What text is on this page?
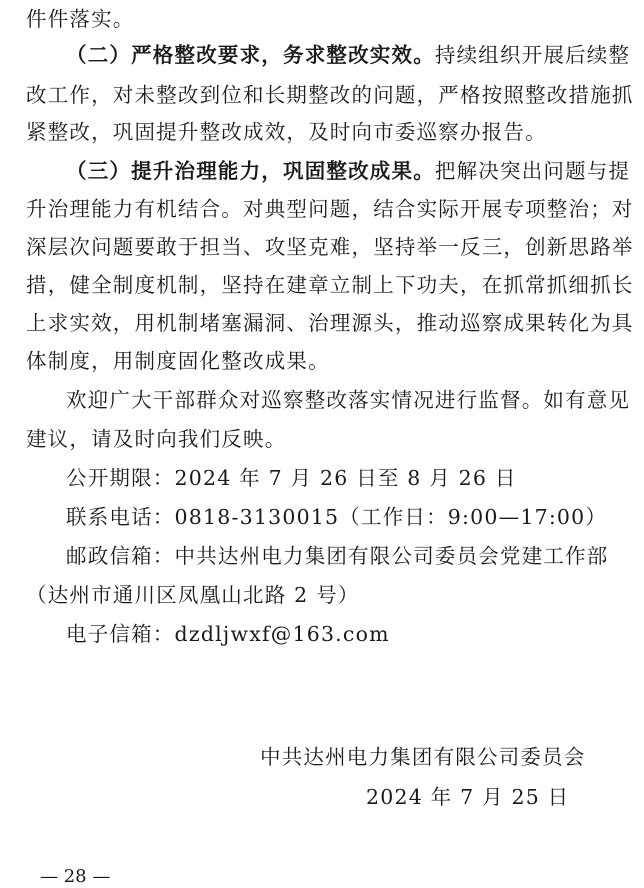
件件落实。
（二）严格整改要求，务求整改实效。持续组织开展后续整
改工作，对未整改到位和长期整改的问题，严格按照整改措施抓
紧整改，巩固提升整改成效，及时向市委巡察办报告。
（三）提升治理能力，巩固整改成果。把解决突出问题与提
升治理能力有机结合。对典型问题，结合实际开展专项整治；对
深层次问题要敢于担当、攻坚克难，坚持举一反三，创新思路举
措，健全制度机制，坚持在建章立制上下功夫，在抓常抓细抓长
上求实效，用机制堵塞漏洞、治理源头，推动巡察成果转化为具
体制度，用制度固化整改成果。
欢迎广大干部群众对巡察整改落实情况进行监督。如有意见
建议，请及时向我们反映。
公开期限：2024 年 7 月 26 日至 8 月 26 日
联系电话：0818-3130015（工作日：9:00—17:00）
邮政信箱：中共达州电力集团有限公司委员会党建工作部
（达州市通川区凤凰山北路 2 号）
电子信箱：dzdljwxf@163.com
中共达州电力集团有限公司委员会
2024 年 7 月 25 日
— 28 —
